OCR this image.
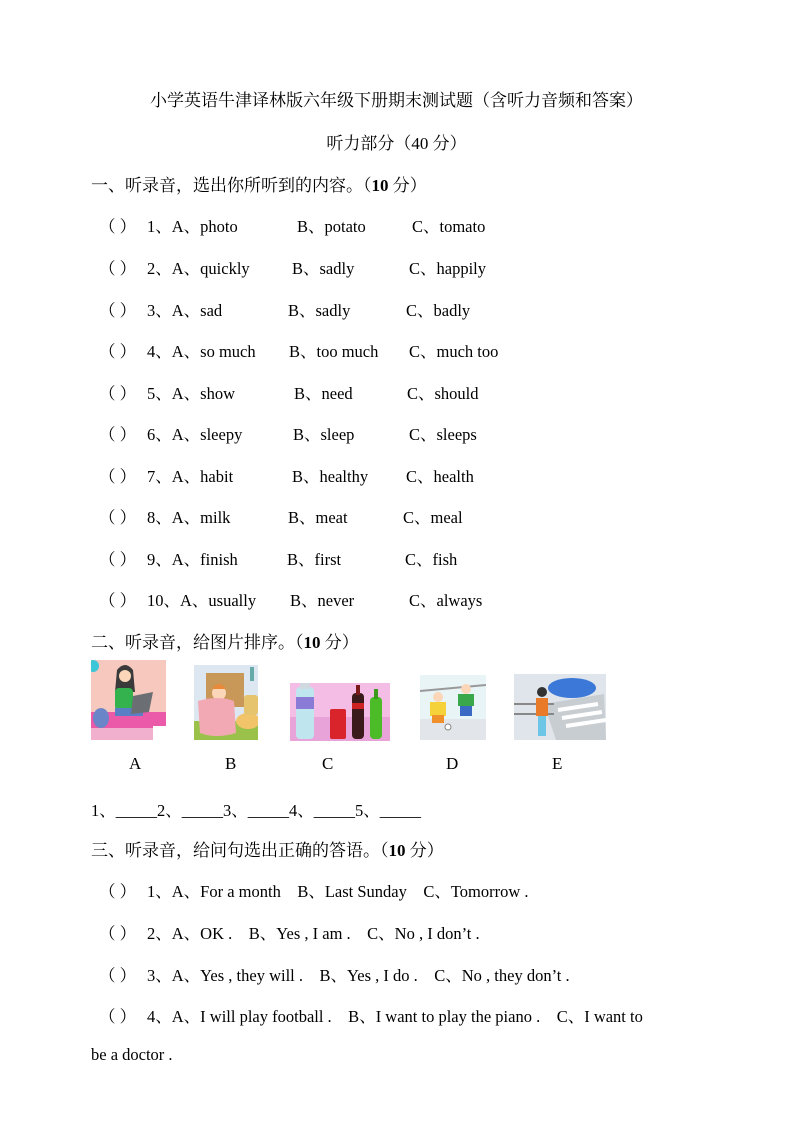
小学英语牛津译林版六年级下册期末测试题（含听力音频和答案）
听力部分（40 分）
一、听录音，选出你所听到的内容。（10 分）
（ ） 1、A、photo	B、potato	C、tomato
（ ） 2、A、quickly	B、sadly	C、happily
（ ） 3、A、sad	B、sadly	C、badly
（ ） 4、A、so much B、too much C、much too
（ ） 5、A、show	B、need	C、should
（ ） 6、A、sleepy	B、sleep	C、sleeps
（ ） 7、A、habit	B、healthy C、health
（ ） 8、A、milk	B、meat	C、meal
（ ） 9、A、finish	B、first	C、fish
（ ） 10、A、usually B、never	C、always
二、听录音，给图片排序。（10 分）
A	B	C	D	E
1、_____2、_____3、_____4、_____5、_____
三、听录音，给问句选出正确的答语。（10 分）
（ ） 1、A、For a month    B、Last Sunday    C、Tomorrow .
（ ） 2、A、OK .    B、Yes , I am .    C、No , I don’t .
（ ） 3、A、Yes , they will .    B、Yes , I do .    C、No , they don’t .
（ ） 4、A、I will play football .    B、I want to play the piano .    C、I want to
be a doctor .
